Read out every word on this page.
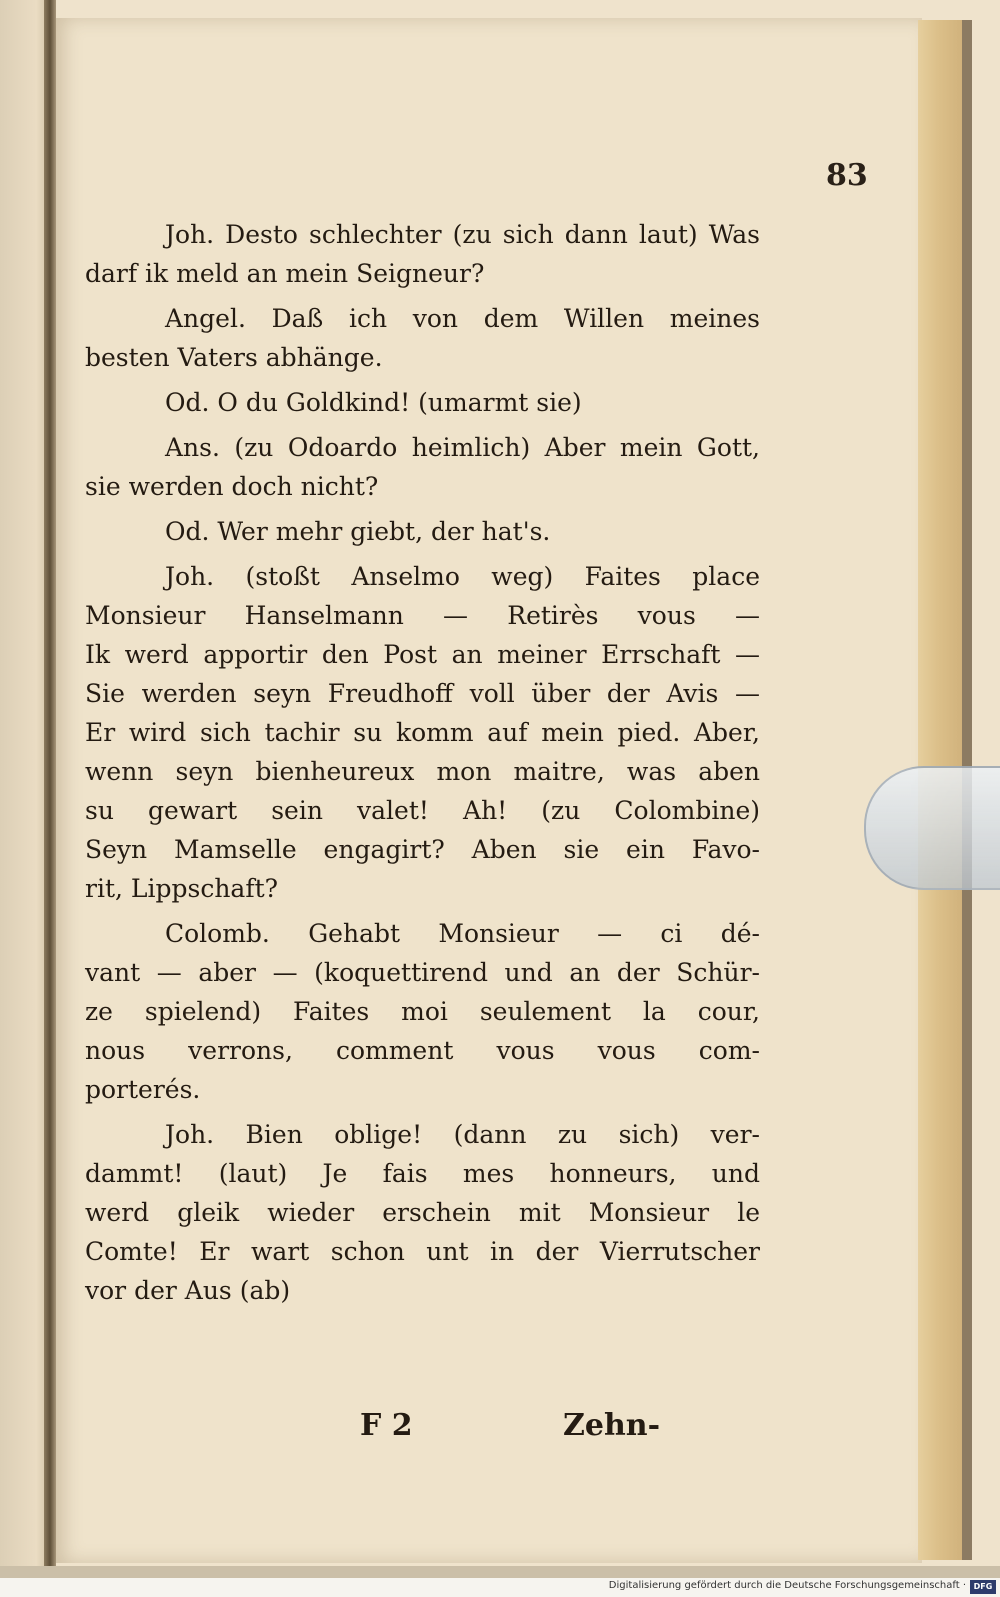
83
Joh. Desto schlechter (zu sich dann laut) Was
darf ik meld an mein Seigneur?
Angel. Daß ich von dem Willen meines
besten Vaters abhänge.
Od. O du Goldkind! (umarmt sie)
Ans. (zu Odoardo heimlich) Aber mein Gott,
sie werden doch nicht?
Od. Wer mehr giebt, der hat's.
Joh. (stoßt Anselmo weg) Faites place
Monsieur Hanselmann — Retirès vous —
Ik werd apportir den Post an meiner Errschaft —
Sie werden seyn Freudhoff voll über der Avis —
Er wird sich tachir su komm auf mein pied. Aber,
wenn seyn bienheureux mon maitre, was aben
su gewart sein valet! Ah! (zu Colombine)
Seyn Mamselle engagirt? Aben sie ein Favo-
rit, Lippschaft?
Colomb. Gehabt Monsieur — ci dé-
vant — aber — (koquettirend und an der Schür-
ze spielend) Faites moi seulement la cour,
nous verrons, comment vous vous com-
porterés.
Joh. Bien oblige! (dann zu sich) ver-
dammt! (laut) Je fais mes honneurs, und
werd gleik wieder erschein mit Monsieur le
Comte! Er wart schon unt in der Vierrutscher
vor der Aus (ab)
F 2	Zehn-
Digitalisierung gefördert durch die Deutsche Forschungsgemeinschaft · DFG
